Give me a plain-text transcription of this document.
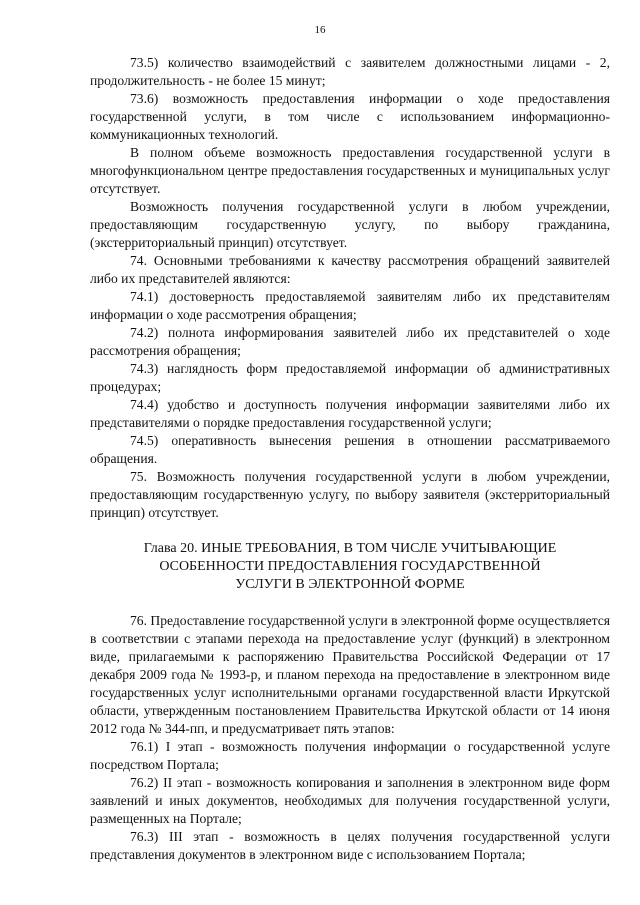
16

73.5) количество взаимодействий с заявителем должностными лицами - 2, продолжительность - не более 15 минут;

73.6) возможность предоставления информации о ходе предоставления государственной услуги, в том числе с использованием информационно-коммуникационных технологий.

В полном объеме возможность предоставления государственной услуги в многофункциональном центре предоставления государственных и муниципальных услуг отсутствует.

Возможность получения государственной услуги в любом учреждении, предоставляющим государственную услугу, по выбору гражданина, (экстерриториальный принцип) отсутствует.

74. Основными требованиями к качеству рассмотрения обращений заявителей либо их представителей являются:

74.1) достоверность предоставляемой заявителям либо их представителям информации о ходе рассмотрения обращения;

74.2) полнота информирования заявителей либо их представителей о ходе рассмотрения обращения;

74.3) наглядность форм предоставляемой информации об административных процедурах;

74.4) удобство и доступность получения информации заявителями либо их представителями о порядке предоставления государственной услуги;

74.5) оперативность вынесения решения в отношении рассматриваемого обращения.

75. Возможность получения государственной услуги в любом учреждении, предоставляющим государственную услугу, по выбору заявителя (экстерриториальный принцип) отсутствует.

Глава 20. ИНЫЕ ТРЕБОВАНИЯ, В ТОМ ЧИСЛЕ УЧИТЫВАЮЩИЕ
ОСОБЕННОСТИ ПРЕДОСТАВЛЕНИЯ ГОСУДАРСТВЕННОЙ
УСЛУГИ В ЭЛЕКТРОННОЙ ФОРМЕ

76. Предоставление государственной услуги в электронной форме осуществляется в соответствии с этапами перехода на предоставление услуг (функций) в электронном виде, прилагаемыми к распоряжению Правительства Российской Федерации от 17 декабря 2009 года № 1993-р, и планом перехода на предоставление в электронном виде государственных услуг исполнительными органами государственной власти Иркутской области, утвержденным постановлением Правительства Иркутской области от 14 июня 2012 года № 344-пп, и предусматривает пять этапов:

76.1) I этап - возможность получения информации о государственной услуге посредством Портала;

76.2) II этап - возможность копирования и заполнения в электронном виде форм заявлений и иных документов, необходимых для получения государственной услуги, размещенных на Портале;

76.3) III этап - возможность в целях получения государственной услуги представления документов в электронном виде с использованием Портала;
